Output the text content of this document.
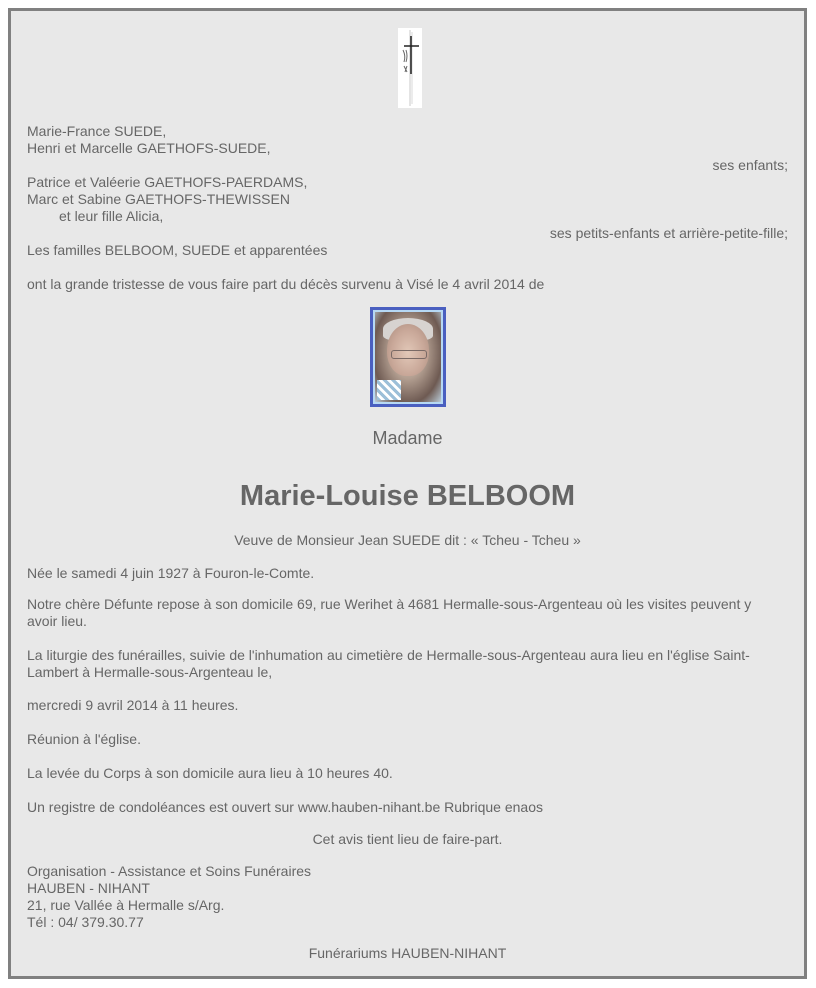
Marie-France SUEDE,
Henri et Marcelle GAETHOFS-SUEDE,
ses enfants;
Patrice et Valéerie GAETHOFS-PAERDAMS,
Marc et Sabine GAETHOFS-THEWISSEN
et leur fille Alicia,
ses petits-enfants et arrière-petite-fille;
Les familles BELBOOM, SUEDE et apparentées
ont la grande tristesse de vous faire part du décès survenu à Visé le 4 avril 2014 de
Madame
Marie-Louise BELBOOM
Veuve de Monsieur Jean SUEDE dit : « Tcheu - Tcheu »
Née le samedi 4 juin 1927 à Fouron-le-Comte.
Notre chère Défunte repose à son domicile 69, rue Werihet à 4681 Hermalle-sous-Argenteau où les visites peuvent y
avoir lieu.
La liturgie des funérailles, suivie de l'inhumation au cimetière de Hermalle-sous-Argenteau aura lieu en l'église Saint-
Lambert à Hermalle-sous-Argenteau le,
mercredi 9 avril 2014 à 11 heures.
Réunion à l'église.
La levée du Corps à son domicile aura lieu à 10 heures 40.
Un registre de condoléances est ouvert sur www.hauben-nihant.be Rubrique enaos
Cet avis tient lieu de faire-part.
Organisation - Assistance et Soins Funéraires
HAUBEN - NIHANT
21, rue Vallée à Hermalle s/Arg.
Tél : 04/ 379.30.77
Funérariums HAUBEN-NIHANT
